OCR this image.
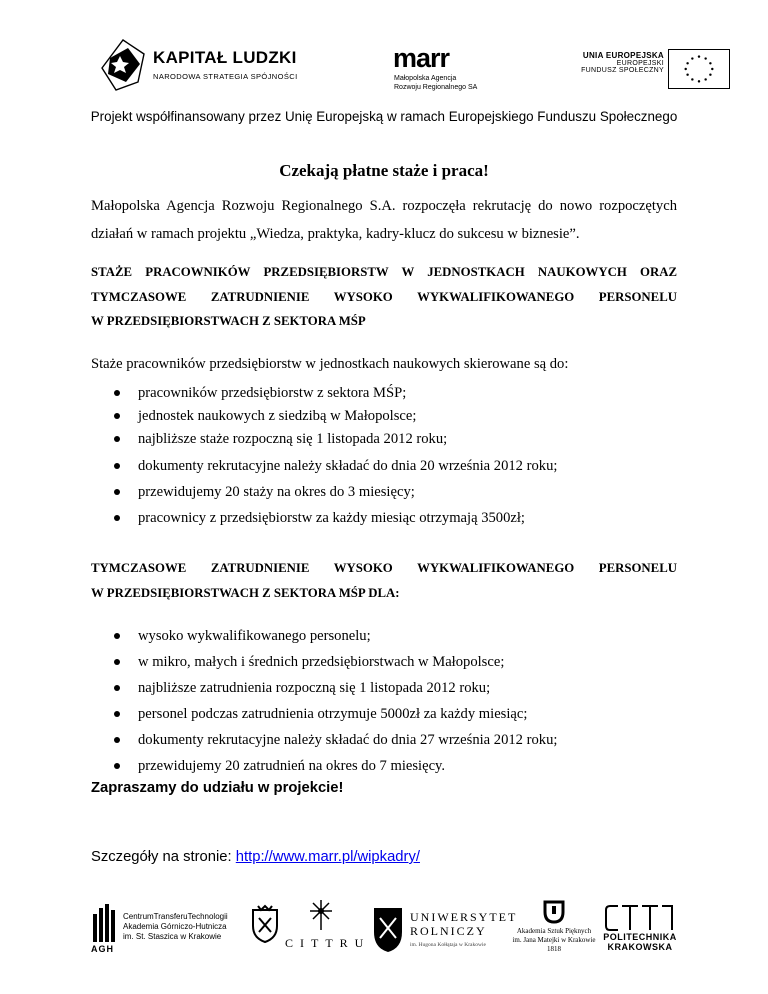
KAPITAŁ LUDZKI
NARODOWA STRATEGIA SPÓJNOŚCI
marr
Małopolska Agencja
Rozwoju Regionalnego SA
UNIA EUROPEJSKA
EUROPEJSKI
FUNDUSZ SPOŁECZNY
Projekt współfinansowany przez Unię Europejską w ramach Europejskiego Funduszu Społecznego
Czekają płatne staże i praca!
Małopolska Agencja Rozwoju Regionalnego S.A. rozpoczęła rekrutację do nowo rozpoczętych działań w ramach projektu „Wiedza, praktyka, kadry-klucz do sukcesu w biznesie”.
STAŻE PRACOWNIKÓW PRZEDSIĘBIORSTW W JEDNOSTKACH NAUKOWYCH ORAZ
TYMCZASOWE ZATRUDNIENIE WYSOKO WYKWALIFIKOWANEGO PERSONELU
W PRZEDSIĘBIORSTWACH Z SEKTORA MŚP
Staże pracowników przedsiębiorstw w jednostkach naukowych skierowane są do:
pracowników przedsiębiorstw z sektora MŚP;
jednostek naukowych z siedzibą w Małopolsce;
najbliższe staże rozpoczną się 1 listopada 2012 roku;
dokumenty rekrutacyjne należy składać do dnia 20 września 2012 roku;
przewidujemy 20 staży na okres do 3 miesięcy;
pracownicy z przedsiębiorstw za każdy miesiąc otrzymają 3500zł;
TYMCZASOWE ZATRUDNIENIE WYSOKO WYKWALIFIKOWANEGO PERSONELU
W PRZEDSIĘBIORSTWACH Z SEKTORA MŚP DLA:
wysoko wykwalifikowanego personelu;
w mikro, małych i średnich przedsiębiorstwach w Małopolsce;
najbliższe zatrudnienia rozpoczną się 1 listopada 2012 roku;
personel podczas zatrudnienia otrzymuje 5000zł za każdy miesiąc;
dokumenty rekrutacyjne należy składać do dnia 27 września 2012 roku;
przewidujemy 20 zatrudnień na okres do 7 miesięcy.
Zapraszamy do udziału w projekcie!
Szczegóły na stronie: http://www.marr.pl/wipkadry/
AGH
CentrumTransferuTechnologii
Akademia Górniczo-Hutnicza
im. St. Staszica w Krakowie	CITTRU
UNIWERSYTET
ROLNICZY
im. Hugona Kołłątaja w Krakowie
Akademia Sztuk Pięknych
im. Jana Matejki w Krakowie
1818
POLITECHNIKA
KRAKOWSKA
